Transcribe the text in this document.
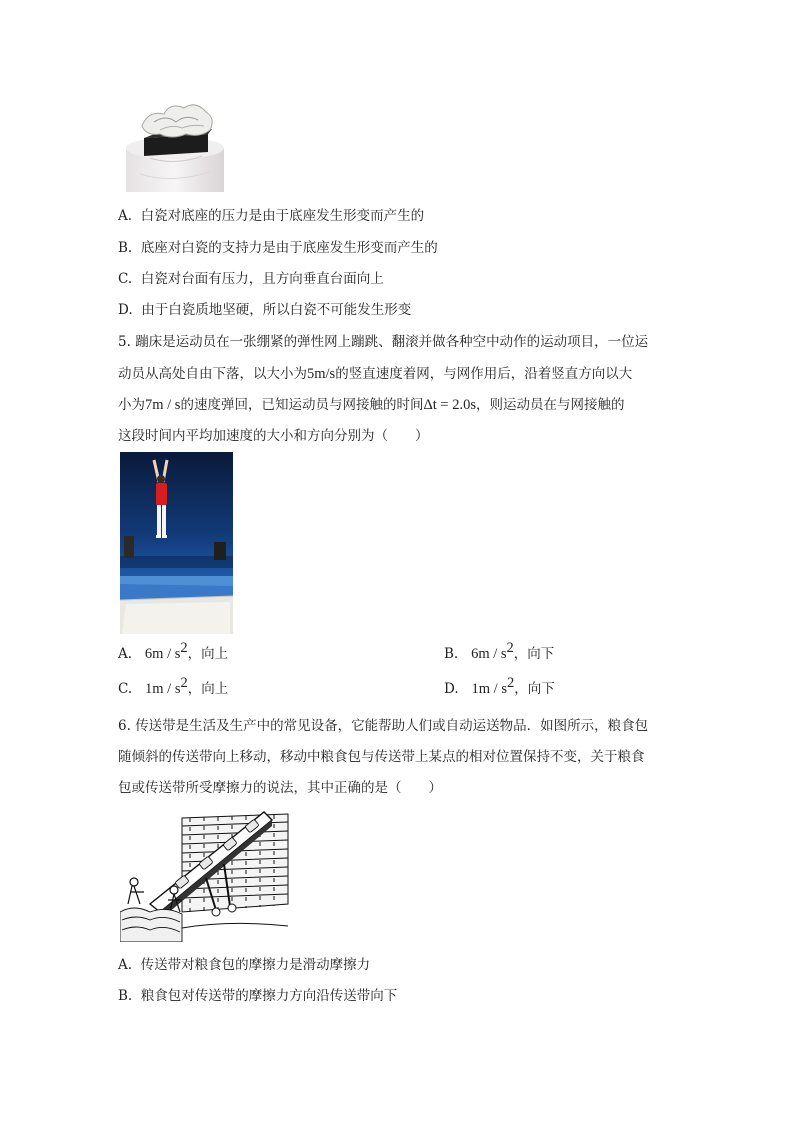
A. 白瓷对底座的压力是由于底座发生形变而产生的
B. 底座对白瓷的支持力是由于底座发生形变而产生的
C. 白瓷对台面有压力，且方向垂直台面向上
D. 由于白瓷质地坚硬，所以白瓷不可能发生形变
5. 蹦床是运动员在一张绷紧的弹性网上蹦跳、翻滚并做各种空中动作的运动项目，一位运
动员从高处自由下落，以大小为5m/s的竖直速度着网，与网作用后，沿着竖直方向以大
小为7m / s的速度弹回，已知运动员与网接触的时间Δt = 2.0s，则运动员在与网接触的
这段时间内平均加速度的大小和方向分别为（　　）
A. $6m / s^2$，向上	B. $6m / s^2$，向下
C. $1m / s^2$，向上	D. $1m / s^2$，向下
6. 传送带是生活及生产中的常见设备，它能帮助人们或自动运送物品．如图所示，粮食包
随倾斜的传送带向上移动，移动中粮食包与传送带上某点的相对位置保持不变，关于粮食
包或传送带所受摩擦力的说法，其中正确的是（　　）
A. 传送带对粮食包的摩擦力是滑动摩擦力
B. 粮食包对传送带的摩擦力方向沿传送带向下
